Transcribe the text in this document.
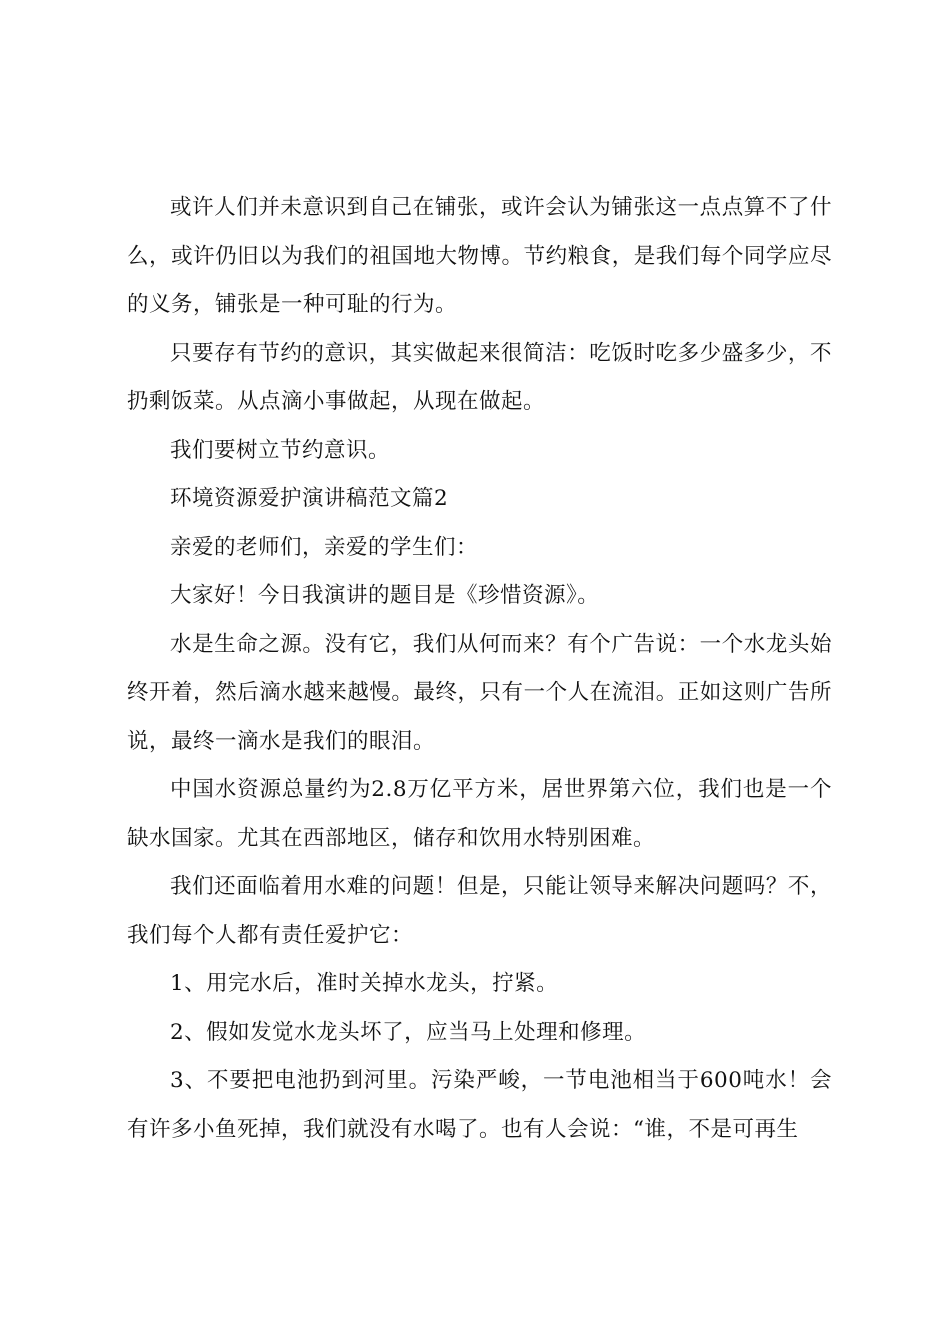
或许人们并未意识到自己在铺张，或许会认为铺张这一点点算不了什么，或许仍旧以为我们的祖国地大物博。节约粮食，是我们每个同学应尽的义务，铺张是一种可耻的行为。

只要存有节约的意识，其实做起来很简洁：吃饭时吃多少盛多少，不扔剩饭菜。从点滴小事做起，从现在做起。

我们要树立节约意识。

环境资源爱护演讲稿范文篇2

亲爱的老师们，亲爱的学生们：

大家好！今日我演讲的题目是《珍惜资源》。

水是生命之源。没有它，我们从何而来？有个广告说：一个水龙头始终开着，然后滴水越来越慢。最终，只有一个人在流泪。正如这则广告所说，最终一滴水是我们的眼泪。

中国水资源总量约为2.8万亿平方米，居世界第六位，我们也是一个缺水国家。尤其在西部地区，储存和饮用水特别困难。

我们还面临着用水难的问题！但是，只能让领导来解决问题吗？不，我们每个人都有责任爱护它：

1、用完水后，准时关掉水龙头，拧紧。

2、假如发觉水龙头坏了，应当马上处理和修理。

3、不要把电池扔到河里。污染严峻，一节电池相当于600吨水！会有许多小鱼死掉，我们就没有水喝了。也有人会说：“谁，不是可再生
